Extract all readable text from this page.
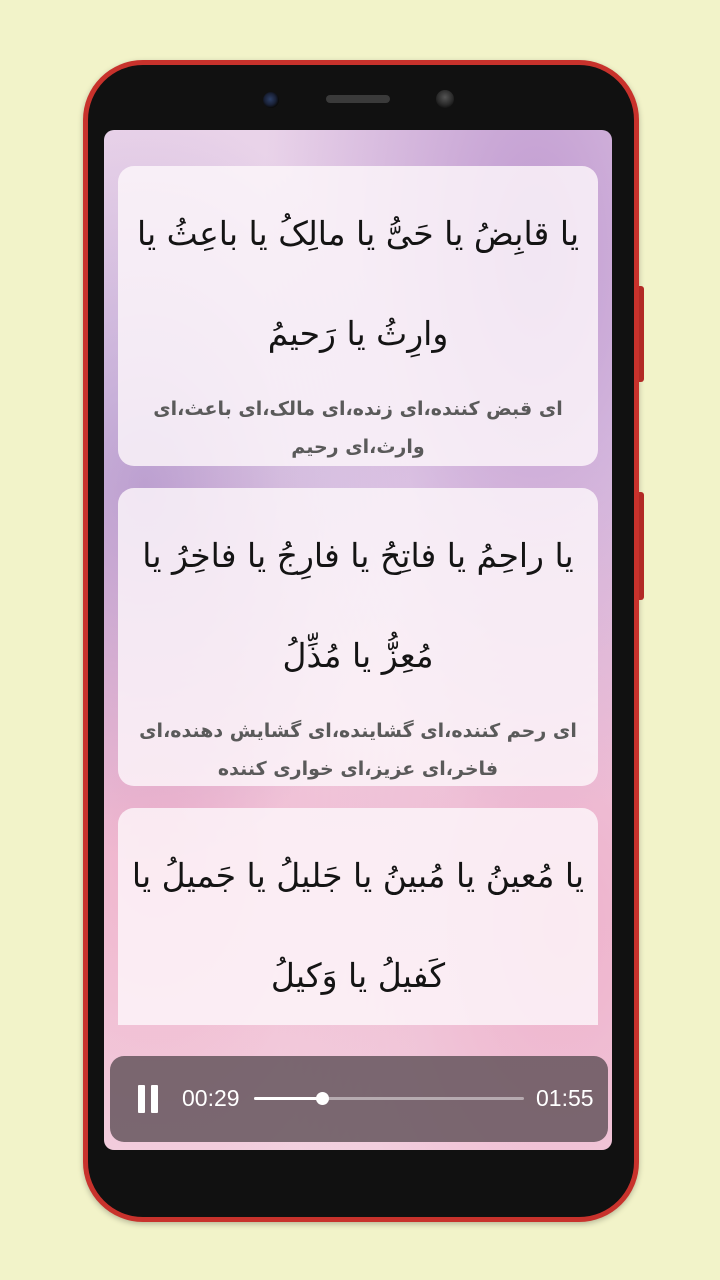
یا قابِضُ یا حَیُّ یا مالِکُ یا باعِثُ یا وارِثُ یا رَحیمُ

ای قبض کننده،ای زنده،ای مالک،ای باعث،ای وارث،ای رحیم

یا راحِمُ یا فاتِحُ یا فارِجُ یا فاخِرُ یا مُعِزُّ یا مُذِّلُ

ای رحم کننده،ای گشاینده،ای گشایش دهنده،ای فاخر،ای عزیز،ای خواری کننده

یا مُعینُ یا مُبینُ یا جَلیلُ یا جَمیلُ یا کَفیلُ یا وَکیلُ

00:29	01:55
